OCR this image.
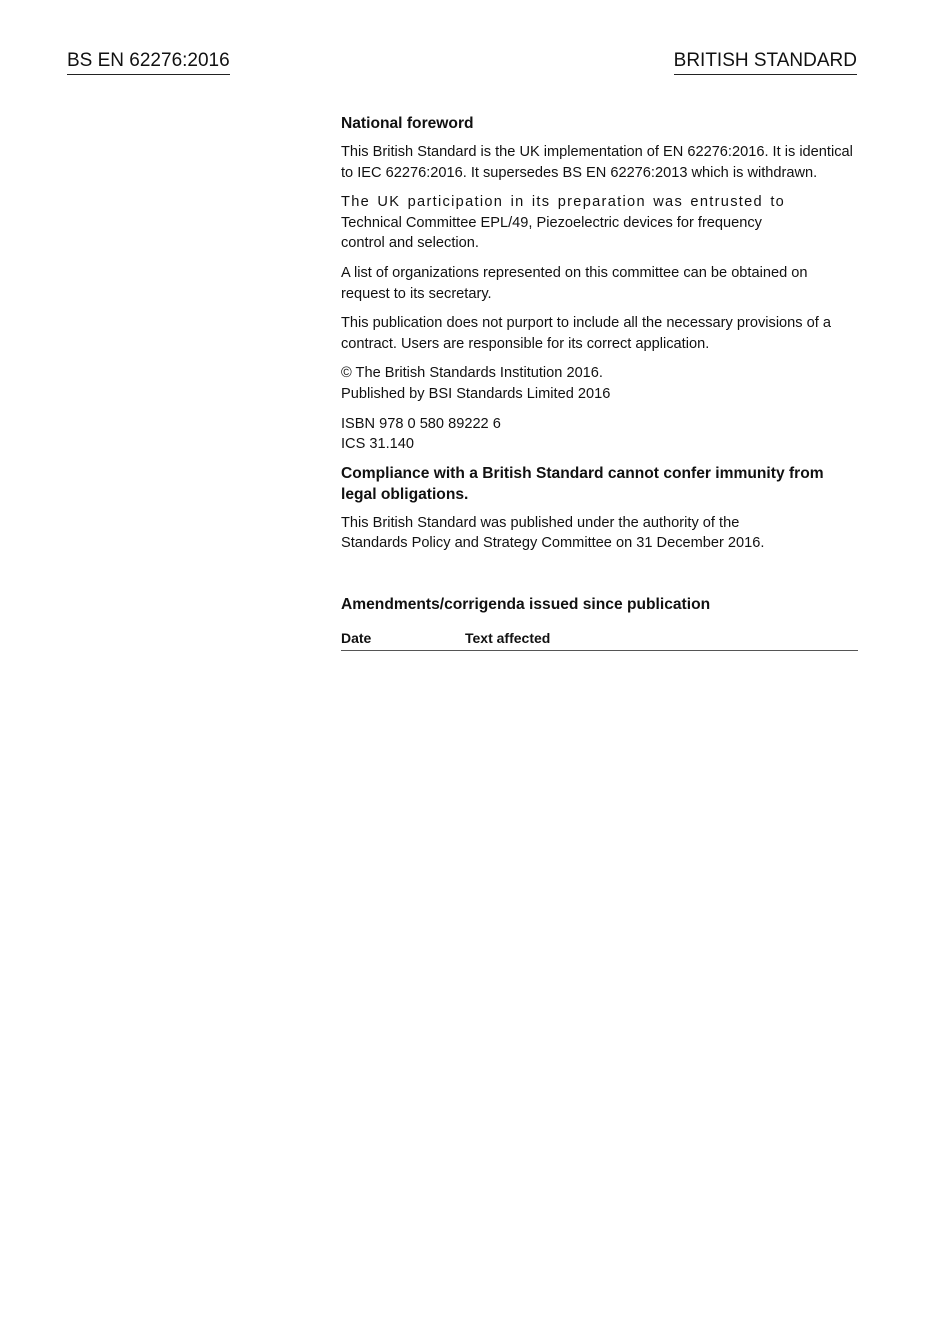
BS EN 62276:2016	BRITISH STANDARD

National foreword

This British Standard is the UK implementation of EN 62276:2016. It is identical to IEC 62276:2016. It supersedes BS EN 62276:2013 which is withdrawn.

The UK participation in its preparation was entrusted to
Technical Committee EPL/49, Piezoelectric devices for frequency
control and selection.

A list of organizations represented on this committee can be obtained on request to its secretary.

This publication does not purport to include all the necessary provisions of a contract. Users are responsible for its correct application.

© The British Standards Institution 2016.
Published by BSI Standards Limited 2016

ISBN 978 0 580 89222 6
ICS 31.140

Compliance with a British Standard cannot confer immunity from legal obligations.

This British Standard was published under the authority of the
Standards Policy and Strategy Committee on 31 December 2016.

Amendments/corrigenda issued since publication

Date	Text affected
